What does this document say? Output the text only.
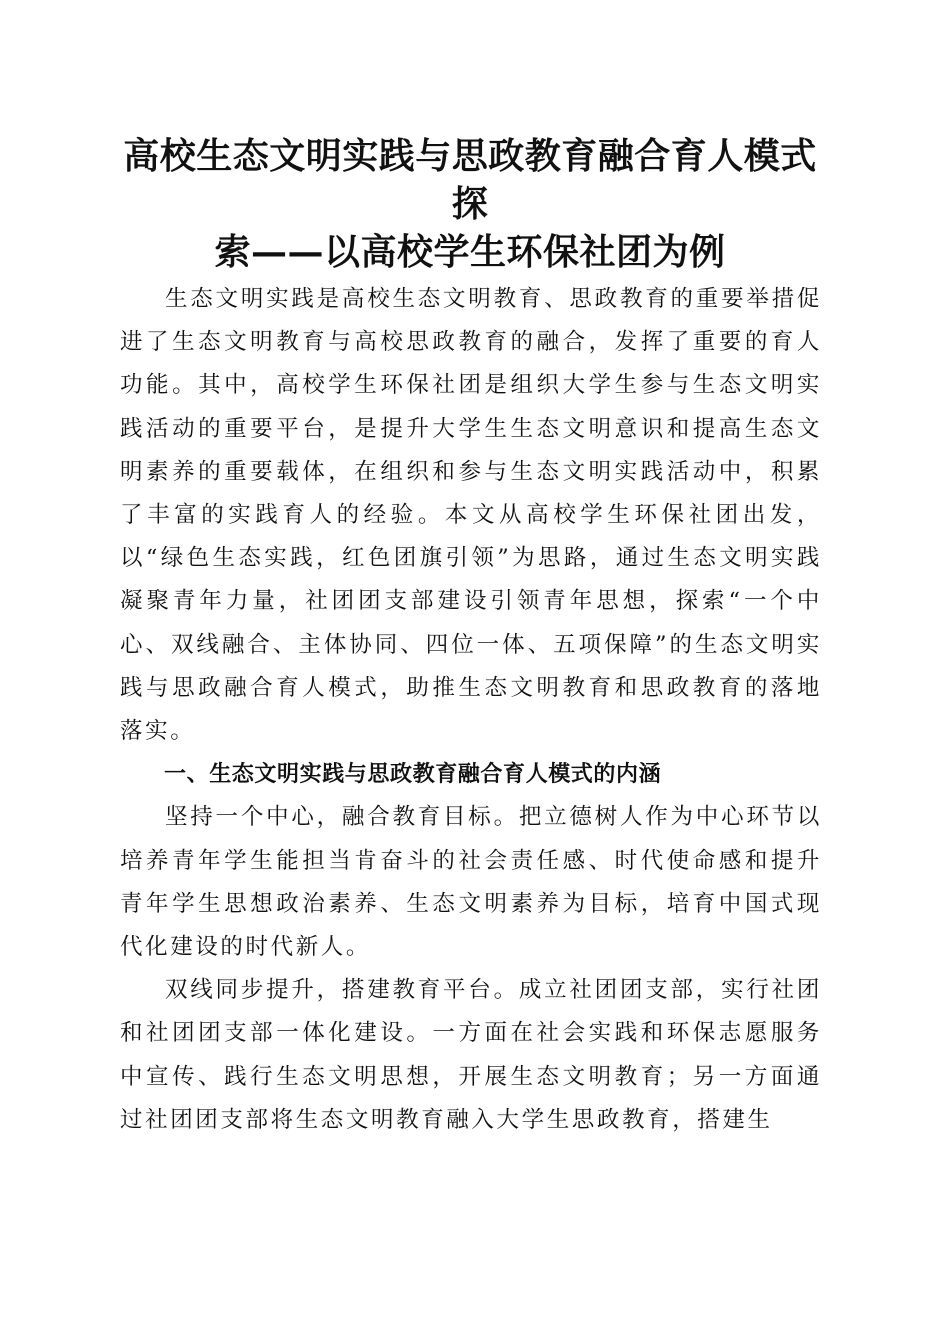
高校生态文明实践与思政教育融合育人模式探
索——以高校学生环保社团为例

生态文明实践是高校生态文明教育、思政教育的重要举措促进了生态文明教育与高校思政教育的融合，发挥了重要的育人功能。其中，高校学生环保社团是组织大学生参与生态文明实践活动的重要平台，是提升大学生生态文明意识和提高生态文明素养的重要载体，在组织和参与生态文明实践活动中，积累了丰富的实践育人的经验。本文从高校学生环保社团出发，以“绿色生态实践，红色团旗引领”为思路，通过生态文明实践凝聚青年力量，社团团支部建设引领青年思想，探索“一个中心、双线融合、主体协同、四位一体、五项保障”的生态文明实践与思政融合育人模式，助推生态文明教育和思政教育的落地落实。

一、生态文明实践与思政教育融合育人模式的内涵

坚持一个中心，融合教育目标。把立德树人作为中心环节以培养青年学生能担当肯奋斗的社会责任感、时代使命感和提升青年学生思想政治素养、生态文明素养为目标，培育中国式现代化建设的时代新人。

双线同步提升，搭建教育平台。成立社团团支部，实行社团和社团团支部一体化建设。一方面在社会实践和环保志愿服务中宣传、践行生态文明思想，开展生态文明教育；另一方面通过社团团支部将生态文明教育融入大学生思政教育，搭建生
